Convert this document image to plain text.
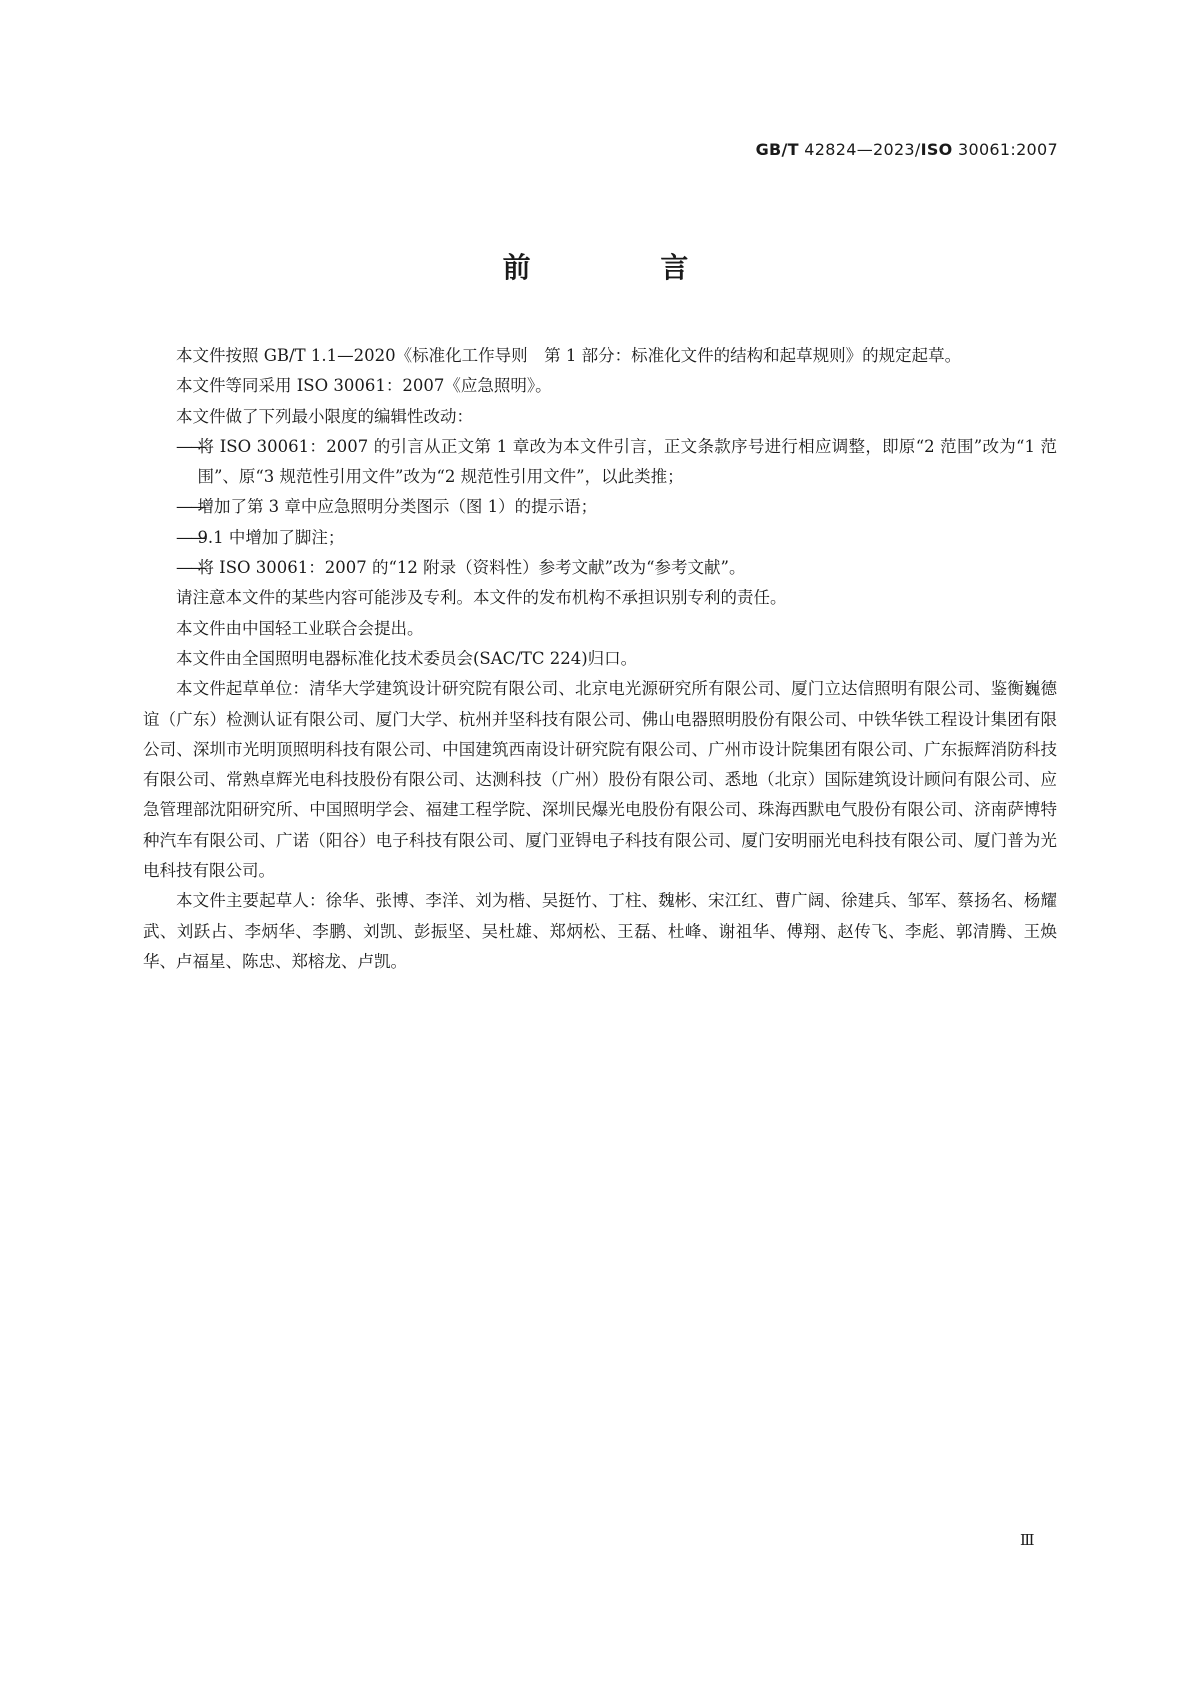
GB/T 42824—2023/ISO 30061:2007
前 言

本文件按照 GB/T 1.1—2020《标准化工作导则　第 1 部分：标准化文件的结构和起草规则》的规定起草。

本文件等同采用 ISO 30061：2007《应急照明》。

本文件做了下列最小限度的编辑性改动：

——
将 ISO 30061：2007 的引言从正文第 1 章改为本文件引言，正文条款序号进行相应调整，即原“2 范围”改为“1 范围”、原“3 规范性引用文件”改为“2 规范性引用文件”，以此类推；

——
增加了第 3 章中应急照明分类图示（图 1）的提示语；

——
9.1 中增加了脚注；

——
将 ISO 30061：2007 的“12 附录（资料性）参考文献”改为“参考文献”。

请注意本文件的某些内容可能涉及专利。本文件的发布机构不承担识别专利的责任。

本文件由中国轻工业联合会提出。

本文件由全国照明电器标准化技术委员会(SAC/TC 224)归口。

本文件起草单位：清华大学建筑设计研究院有限公司、北京电光源研究所有限公司、厦门立达信照明有限公司、鉴衡巍德谊（广东）检测认证有限公司、厦门大学、杭州并坚科技有限公司、佛山电器照明股份有限公司、中铁华铁工程设计集团有限公司、深圳市光明顶照明科技有限公司、中国建筑西南设计研究院有限公司、广州市设计院集团有限公司、广东振辉消防科技有限公司、常熟卓辉光电科技股份有限公司、达测科技（广州）股份有限公司、悉地（北京）国际建筑设计顾问有限公司、应急管理部沈阳研究所、中国照明学会、福建工程学院、深圳民爆光电股份有限公司、珠海西默电气股份有限公司、济南萨博特种汽车有限公司、广诺（阳谷）电子科技有限公司、厦门亚锝电子科技有限公司、厦门安明丽光电科技有限公司、厦门普为光电科技有限公司。

本文件主要起草人：徐华、张博、李洋、刘为楷、吴挺竹、丁柱、魏彬、宋江红、曹广阔、徐建兵、邹军、蔡扬名、杨耀武、刘跃占、李炳华、李鹏、刘凯、彭振坚、吴杜雄、郑炳松、王磊、杜峰、谢祖华、傅翔、赵传飞、李彪、郭清腾、王焕华、卢福星、陈忠、郑榕龙、卢凯。

Ⅲ
